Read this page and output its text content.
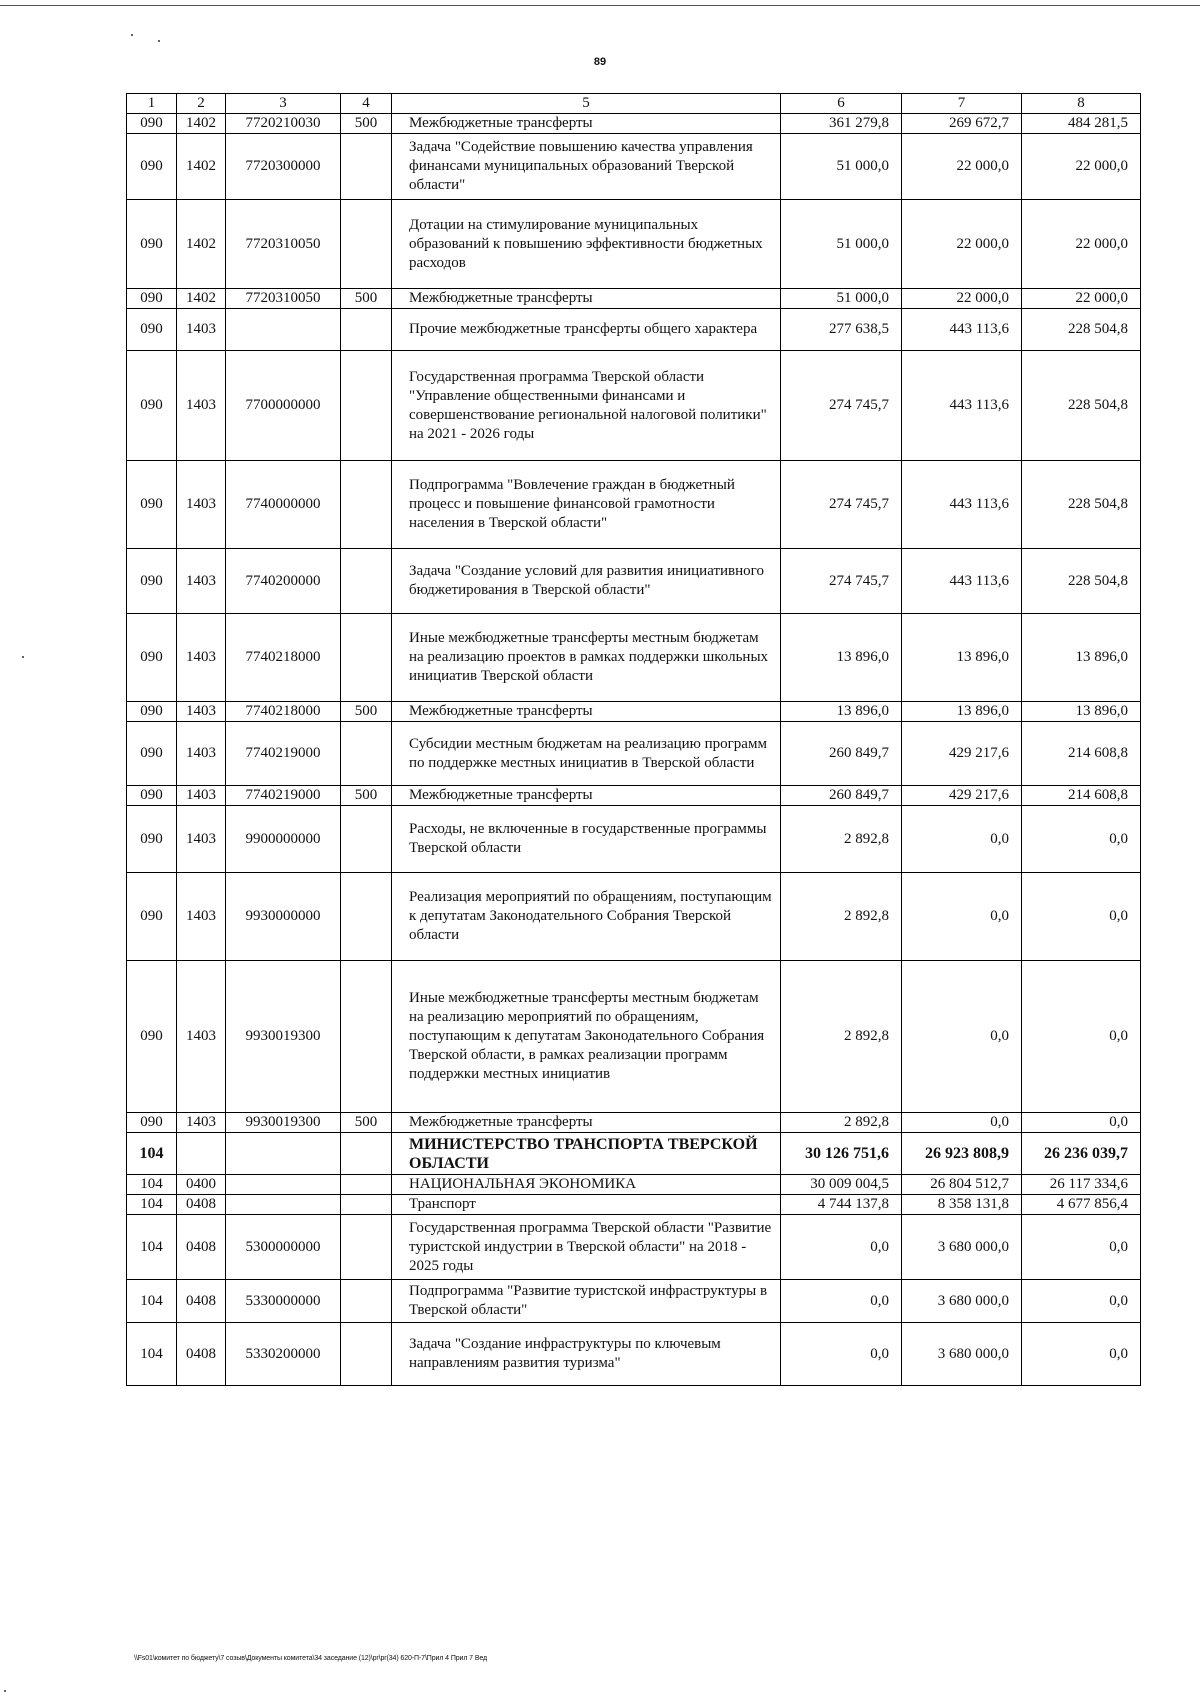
89
1	2	3	4	5	6	7	8
090	1402	7720210030	500	Межбюджетные трансферты	361 279,8	269 672,7	484 281,5
090	1402	7720300000		Задача "Содействие повышению качества управления финансами муниципальных образований Тверской области"	51 000,0	22 000,0	22 000,0
090	1402	7720310050		Дотации на стимулирование муниципальных образований к повышению эффективности бюджетных расходов	51 000,0	22 000,0	22 000,0
090	1402	7720310050	500	Межбюджетные трансферты	51 000,0	22 000,0	22 000,0
090	1403			Прочие межбюджетные трансферты общего характера	277 638,5	443 113,6	228 504,8
090	1403	7700000000		Государственная программа Тверской области "Управление общественными финансами и совершенствование региональной налоговой политики" на 2021 - 2026 годы	274 745,7	443 113,6	228 504,8
090	1403	7740000000		Подпрограмма "Вовлечение граждан в бюджетный процесс и повышение финансовой грамотности населения в Тверской области"	274 745,7	443 113,6	228 504,8
090	1403	7740200000		Задача "Создание условий для развития инициативного бюджетирования в Тверской области"	274 745,7	443 113,6	228 504,8
090	1403	7740218000		Иные межбюджетные трансферты местным бюджетам на реализацию проектов в рамках поддержки школьных инициатив Тверской области	13 896,0	13 896,0	13 896,0
090	1403	7740218000	500	Межбюджетные трансферты	13 896,0	13 896,0	13 896,0
090	1403	7740219000		Субсидии местным бюджетам на реализацию программ по поддержке местных инициатив в Тверской области	260 849,7	429 217,6	214 608,8
090	1403	7740219000	500	Межбюджетные трансферты	260 849,7	429 217,6	214 608,8
090	1403	9900000000		Расходы, не включенные в государственные программы Тверской области	2 892,8	0,0	0,0
090	1403	9930000000		Реализация мероприятий по обращениям, поступающим к депутатам Законодательного Собрания Тверской области	2 892,8	0,0	0,0
090	1403	9930019300		Иные межбюджетные трансферты местным бюджетам на реализацию мероприятий по обращениям, поступающим к депутатам Законодательного Собрания Тверской области, в рамках реализации программ поддержки местных инициатив	2 892,8	0,0	0,0
090	1403	9930019300	500	Межбюджетные трансферты	2 892,8	0,0	0,0
104				МИНИСТЕРСТВО ТРАНСПОРТА ТВЕРСКОЙ ОБЛАСТИ	30 126 751,6	26 923 808,9	26 236 039,7
104	0400			НАЦИОНАЛЬНАЯ ЭКОНОМИКА	30 009 004,5	26 804 512,7	26 117 334,6
104	0408			Транспорт	4 744 137,8	8 358 131,8	4 677 856,4
104	0408	5300000000		Государственная программа Тверской области "Развитие туристской индустрии в Тверской области" на 2018 - 2025 годы	0,0	3 680 000,0	0,0
104	0408	5330000000		Подпрограмма "Развитие туристской инфраструктуры в Тверской области"	0,0	3 680 000,0	0,0
104	0408	5330200000		Задача "Создание инфраструктуры по ключевым направлениям развития туризма"	0,0	3 680 000,0	0,0
\\Fs01\комитет по бюджету\7 созыв\Документы комитета\34 заседание (12)\pr\pr(34) 620-П-7\Прил 4 Прил 7 Вед
